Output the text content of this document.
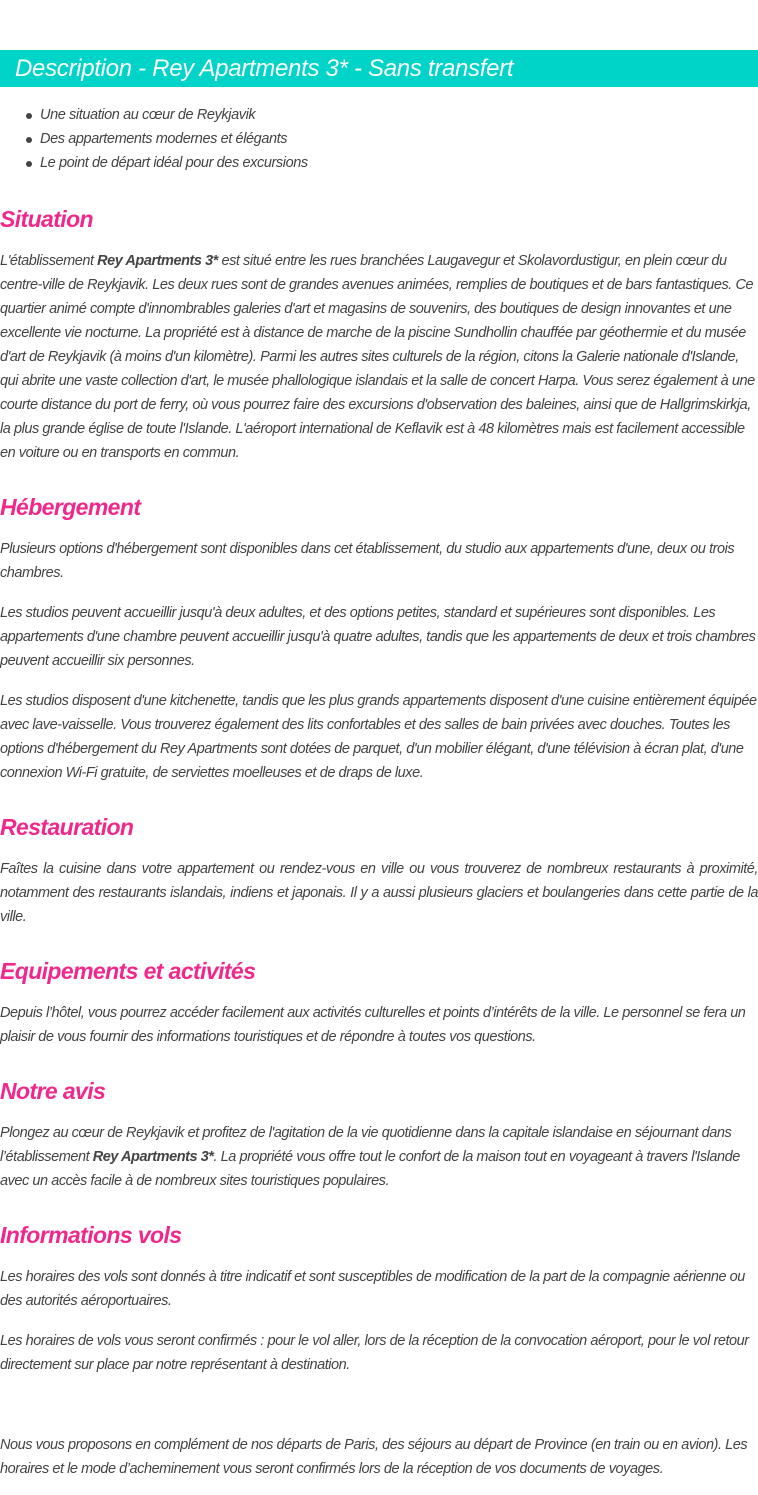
Description - Rey Apartments 3* - Sans transfert
Une situation au cœur de Reykjavik
Des appartements modernes et élégants
Le point de départ idéal pour des excursions
Situation

L'établissement Rey Apartments 3* est situé entre les rues branchées Laugavegur et Skolavordustigur, en plein cœur du centre-ville de Reykjavik. Les deux rues sont de grandes avenues animées, remplies de boutiques et de bars fantastiques. Ce quartier animé compte d'innombrables galeries d'art et magasins de souvenirs, des boutiques de design innovantes et une excellente vie nocturne. La propriété est à distance de marche de la piscine Sundhollin chauffée par géothermie et du musée d'art de Reykjavik (à moins d'un kilomètre). Parmi les autres sites culturels de la région, citons la Galerie nationale d'Islande, qui abrite une vaste collection d'art, le musée phallologique islandais et la salle de concert Harpa. Vous serez également à une courte distance du port de ferry, où vous pourrez faire des excursions d'observation des baleines, ainsi que de Hallgrimskirkja, la plus grande église de toute l'Islande. L'aéroport international de Keflavik est à 48 kilomètres mais est facilement accessible en voiture ou en transports en commun.

Hébergement

Plusieurs options d'hébergement sont disponibles dans cet établissement, du studio aux appartements d'une, deux ou trois chambres.

Les studios peuvent accueillir jusqu'à deux adultes, et des options petites, standard et supérieures sont disponibles. Les appartements d'une chambre peuvent accueillir jusqu'à quatre adultes, tandis que les appartements de deux et trois chambres peuvent accueillir six personnes.

Les studios disposent d'une kitchenette, tandis que les plus grands appartements disposent d'une cuisine entièrement équipée avec lave-vaisselle. Vous trouverez également des lits confortables et des salles de bain privées avec douches. Toutes les options d'hébergement du Rey Apartments sont dotées de parquet, d'un mobilier élégant, d'une télévision à écran plat, d'une connexion Wi-Fi gratuite, de serviettes moelleuses et de draps de luxe.

Restauration

Faîtes la cuisine dans votre appartement ou rendez-vous en ville ou vous trouverez de nombreux restaurants à proximité, notamment des restaurants islandais, indiens et japonais. Il y a aussi plusieurs glaciers et boulangeries dans cette partie de la ville.

Equipements et activités

Depuis l’hôtel, vous pourrez accéder facilement aux activités culturelles et points d’intérêts de la ville. Le personnel se fera un plaisir de vous fournir des informations touristiques et de répondre à toutes vos questions.

Notre avis

Plongez au cœur de Reykjavik et profitez de l'agitation de la vie quotidienne dans la capitale islandaise en séjournant dans l’établissement Rey Apartments 3*. La propriété vous offre tout le confort de la maison tout en voyageant à travers l'Islande avec un accès facile à de nombreux sites touristiques populaires.

Informations vols

Les horaires des vols sont donnés à titre indicatif et sont susceptibles de modification de la part de la compagnie aérienne ou des autorités aéroportuaires.

Les horaires de vols vous seront confirmés : pour le vol aller, lors de la réception de la convocation aéroport, pour le vol retour directement sur place par notre représentant à destination.

Nous vous proposons en complément de nos départs de Paris, des séjours au départ de Province (en train ou en avion). Les horaires et le mode d’acheminement vous seront confirmés lors de la réception de vos documents de voyages.
